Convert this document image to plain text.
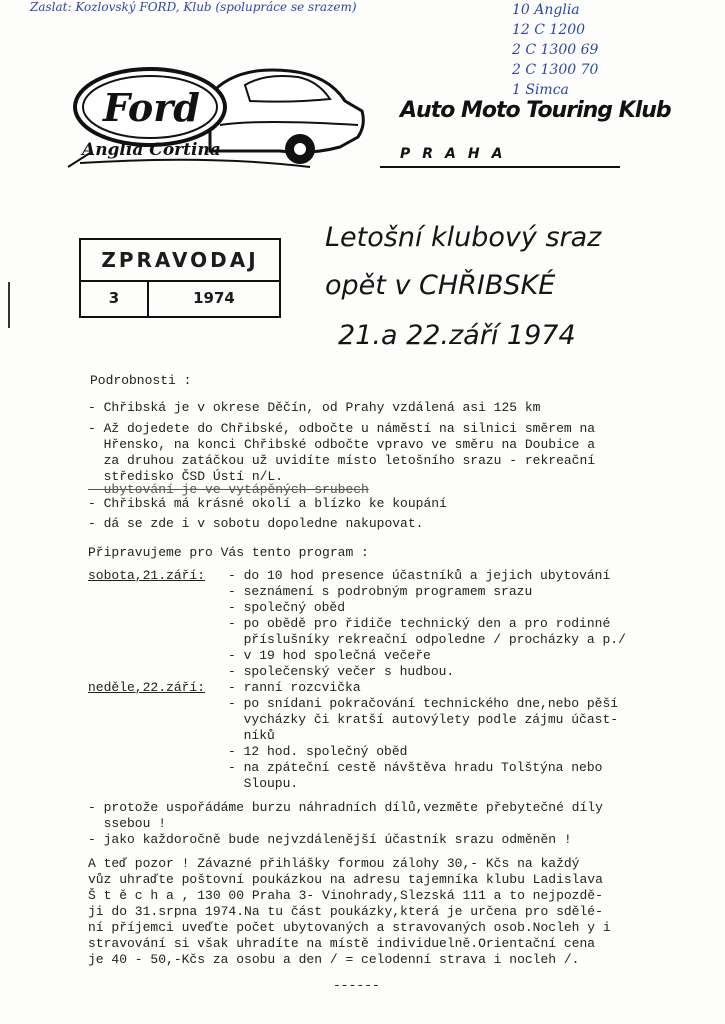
Zaslat: Kozlovský FORD, Klub (spolupráce se srazem)	10 Anglia
12 C 1200
2 C 1300 69
2 C 1300 70
1 Simca
Ford
Anglia Cortina
Auto Moto Touring Klub
PRAHA
ZPRAVODAJ
3	1974
Letošní klubový sraz
opět v CHŘIBSKÉ
21.a 22.září 1974
Podrobnosti :
- Chřibská je v okrese Děčín, od Prahy vzdálená asi 125 km
- Až dojedete do Chřibské, odbočte u náměstí na silnici směrem na
Hřensko, na konci Chřibské odbočte vpravo ve směru na Doubice a
za druhou zatáčkou už uvidíte místo letošního srazu - rekreační
středisko ČSD Ústí n/L.
ubytování je ve vytápěných srubech
- Chřibská má krásné okolí a blízko ke koupání
- dá se zde i v sobotu dopoledne nakupovat.
Připravujeme pro Vás tento program :
sobota,21.září: - do 10 hod presence účastníků a jejich ubytování
- seznámení s podrobným programem srazu
- společný oběd
- po obědě pro řidiče technický den a pro rodinné
příslušníky rekreační odpoledne / procházky a p./
- v 19 hod společná večeře
- společenský večer s hudbou.
neděle,22.září: - ranní rozcvička
- po snídani pokračování technického dne,nebo pěší
vycházky či kratší autovýlety podle zájmu účast-
níků
- 12 hod. společný oběd
- na zpáteční cestě návštěva hradu Tolštýna nebo
Sloupu.
- protože uspořádáme burzu náhradních dílů,vezměte přebytečné díly
ssebou !
- jako každoročně bude nejvzdálenější účastník srazu odměněn !
A teď pozor ! Závazné přihlášky formou zálohy 30,- Kčs na každý
vůz uhraďte poštovní poukázkou na adresu tajemníka klubu Ladislava
Š t ě c h a , 130 00 Praha 3- Vinohrady,Slezská 111 a to nejpozdě-
ji do 31.srpna 1974.Na tu část poukázky,která je určena pro sdělé-
ní příjemci uveďte počet ubytovaných a stravovaných osob.Nocleh y i
stravování si však uhradíte na místě individuelně.Orientační cena
je 40 - 50,-Kčs za osobu a den / = celodenní strava i nocleh /.
------
